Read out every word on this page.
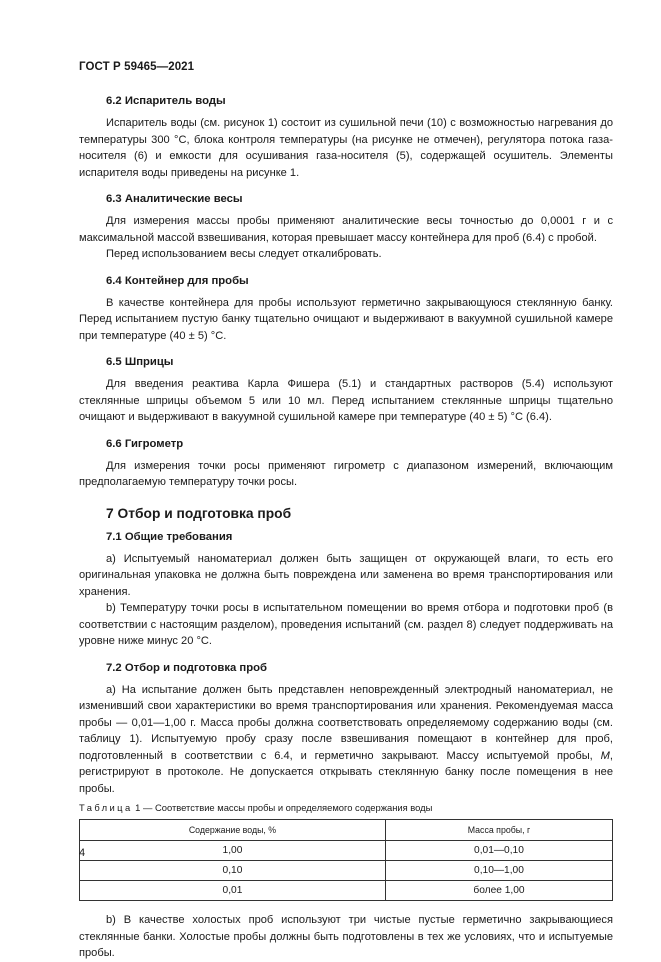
ГОСТ Р 59465—2021
6.2 Испаритель воды

Испаритель воды (см. рисунок 1) состоит из сушильной печи (10) с возможностью нагревания до температуры 300 °С, блока контроля температуры (на рисунке не отмечен), регулятора потока газа-носителя (6) и емкости для осушивания газа-носителя (5), содержащей осушитель. Элементы испарителя воды приведены на рисунке 1.

6.3 Аналитические весы

Для измерения массы пробы применяют аналитические весы точностью до 0,0001 г и с максимальной массой взвешивания, которая превышает массу контейнера для проб (6.4) с пробой.

Перед использованием весы следует откалибровать.

6.4 Контейнер для пробы

В качестве контейнера для пробы используют герметично закрывающуюся стеклянную банку. Перед испытанием пустую банку тщательно очищают и выдерживают в вакуумной сушильной камере при температуре (40 ± 5) °С.

6.5 Шприцы

Для введения реактива Карла Фишера (5.1) и стандартных растворов (5.4) используют стеклянные шприцы объемом 5 или 10 мл. Перед испытанием стеклянные шприцы тщательно очищают и выдерживают в вакуумной сушильной камере при температуре (40 ± 5) °С (6.4).

6.6 Гигрометр

Для измерения точки росы применяют гигрометр с диапазоном измерений, включающим предполагаемую температуру точки росы.

7 Отбор и подготовка проб
7.1 Общие требования

a) Испытуемый наноматериал должен быть защищен от окружающей влаги, то есть его оригинальная упаковка не должна быть повреждена или заменена во время транспортирования или хранения.

b) Температуру точки росы в испытательном помещении во время отбора и подготовки проб (в соответствии с настоящим разделом), проведения испытаний (см. раздел 8) следует поддерживать на уровне ниже минус 20 °С.

7.2 Отбор и подготовка проб

a) На испытание должен быть представлен неповрежденный электродный наноматериал, не изменивший свои характеристики во время транспортирования или хранения. Рекомендуемая масса пробы — 0,01—1,00 г. Масса пробы должна соответствовать определяемому содержанию воды (см. таблицу 1). Испытуемую пробу сразу после взвешивания помещают в контейнер для проб, подготовленный в соответствии с 6.4, и герметично закрывают. Массу испытуемой пробы, M, регистрируют в протоколе. Не допускается открывать стеклянную банку после помещения в нее пробы.

Таблица 1 — Соответствие массы пробы и определяемого содержания воды
Содержание воды, %	Масса пробы, г
1,00	0,01—0,10
0,10	0,10—1,00
0,01	более 1,00

b) В качестве холостых проб используют три чистые пустые герметично закрывающиеся стеклянные банки. Холостые пробы должны быть подготовлены в тех же условиях, что и испытуемые пробы.

4
